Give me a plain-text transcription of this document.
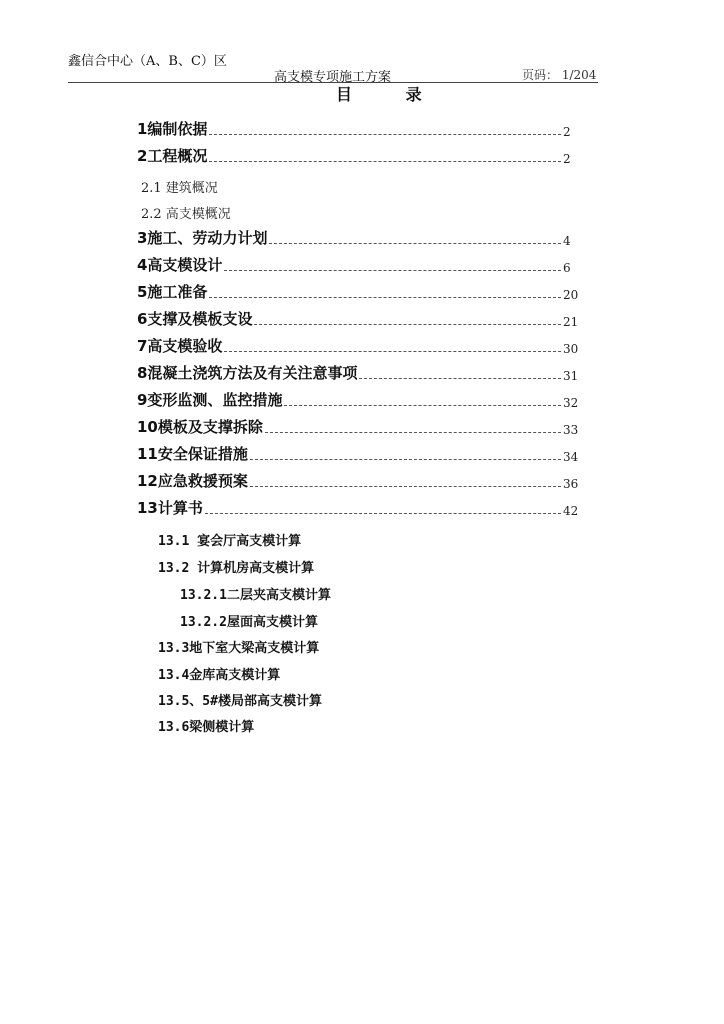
鑫信合中心（A、B、C）区
高支模专项施工方案	页码： 1/204
目 录
1编制依据	2
2工程概况	2
2.1 建筑概况
2.2 高支模概况
3施工、劳动力计划	4
4高支模设计	6
5施工准备	20
6支撑及模板支设	21
7高支模验收	30
8混凝土浇筑方法及有关注意事项	31
9变形监测、监控措施	32
10模板及支撑拆除	33
11安全保证措施	34
12应急救援预案	36
13计算书	42
13.1 宴会厅高支模计算
13.2 计算机房高支模计算
13.2.1二层夹高支模计算
13.2.2屋面高支模计算
13.3地下室大梁高支模计算
13.4金库高支模计算
13.5、5#楼局部高支模计算
13.6梁侧模计算
